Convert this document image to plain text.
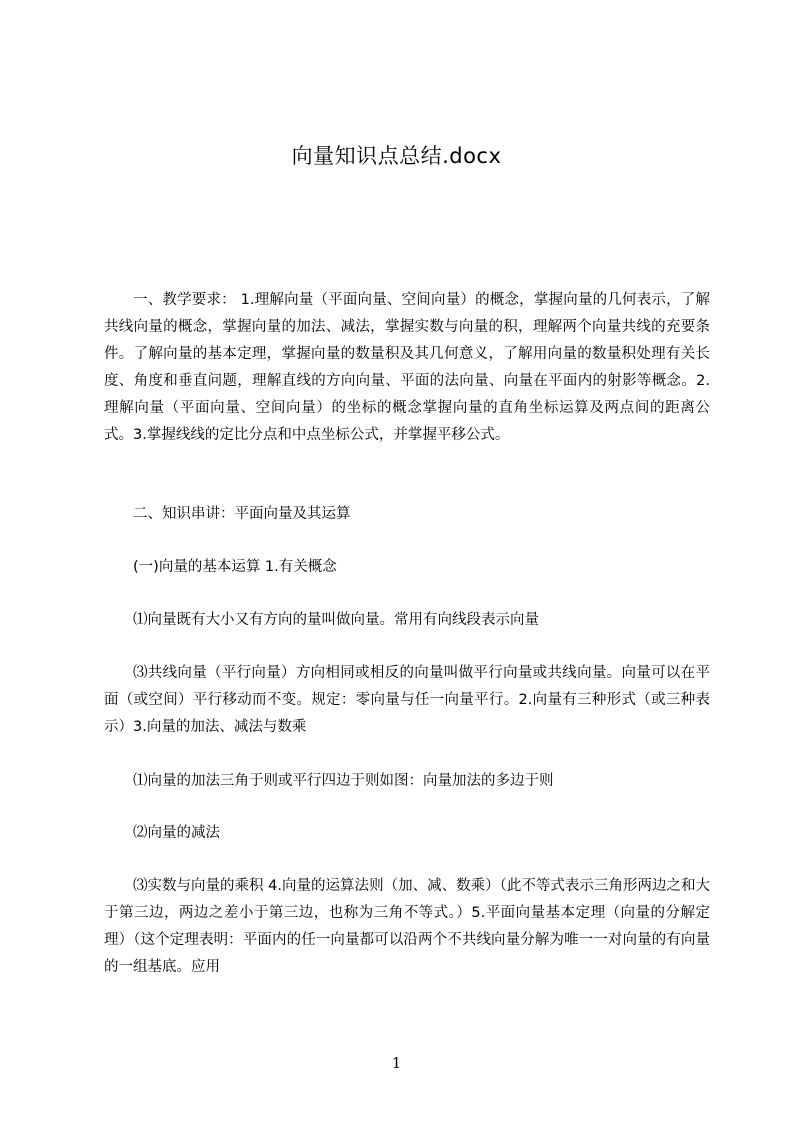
向量知识点总结.docx

一、教学要求： 1.理解向量（平面向量、空间向量）的概念，掌握向量的几何表示，了解共线向量的概念，掌握向量的加法、减法，掌握实数与向量的积，理解两个向量共线的充要条件。了解向量的基本定理，掌握向量的数量积及其几何意义，了解用向量的数量积处理有关长度、角度和垂直问题，理解直线的方向向量、平面的法向量、向量在平面内的射影等概念。2.理解向量（平面向量、空间向量）的坐标的概念掌握向量的直角坐标运算及两点间的距离公式。3.掌握线线的定比分点和中点坐标公式，并掌握平移公式。

二、知识串讲：平面向量及其运算

(一)向量的基本运算 1.有关概念

⑴向量既有大小又有方向的量叫做向量。常用有向线段表示向量

⑶共线向量（平行向量）方向相同或相反的向量叫做平行向量或共线向量。向量可以在平面（或空间）平行移动而不变。规定：零向量与任一向量平行。2.向量有三种形式（或三种表示）3.向量的加法、减法与数乘

⑴向量的加法三角于则或平行四边于则如图：向量加法的多边于则

⑵向量的减法

⑶实数与向量的乘积 4.向量的运算法则（加、减、数乘）（此不等式表示三角形两边之和大于第三边，两边之差小于第三边，也称为三角不等式。）5.平面向量基本定理（向量的分解定理）（这个定理表明：平面内的任一向量都可以沿两个不共线向量分解为唯一一对向量的有向量的一组基底。应用

1
